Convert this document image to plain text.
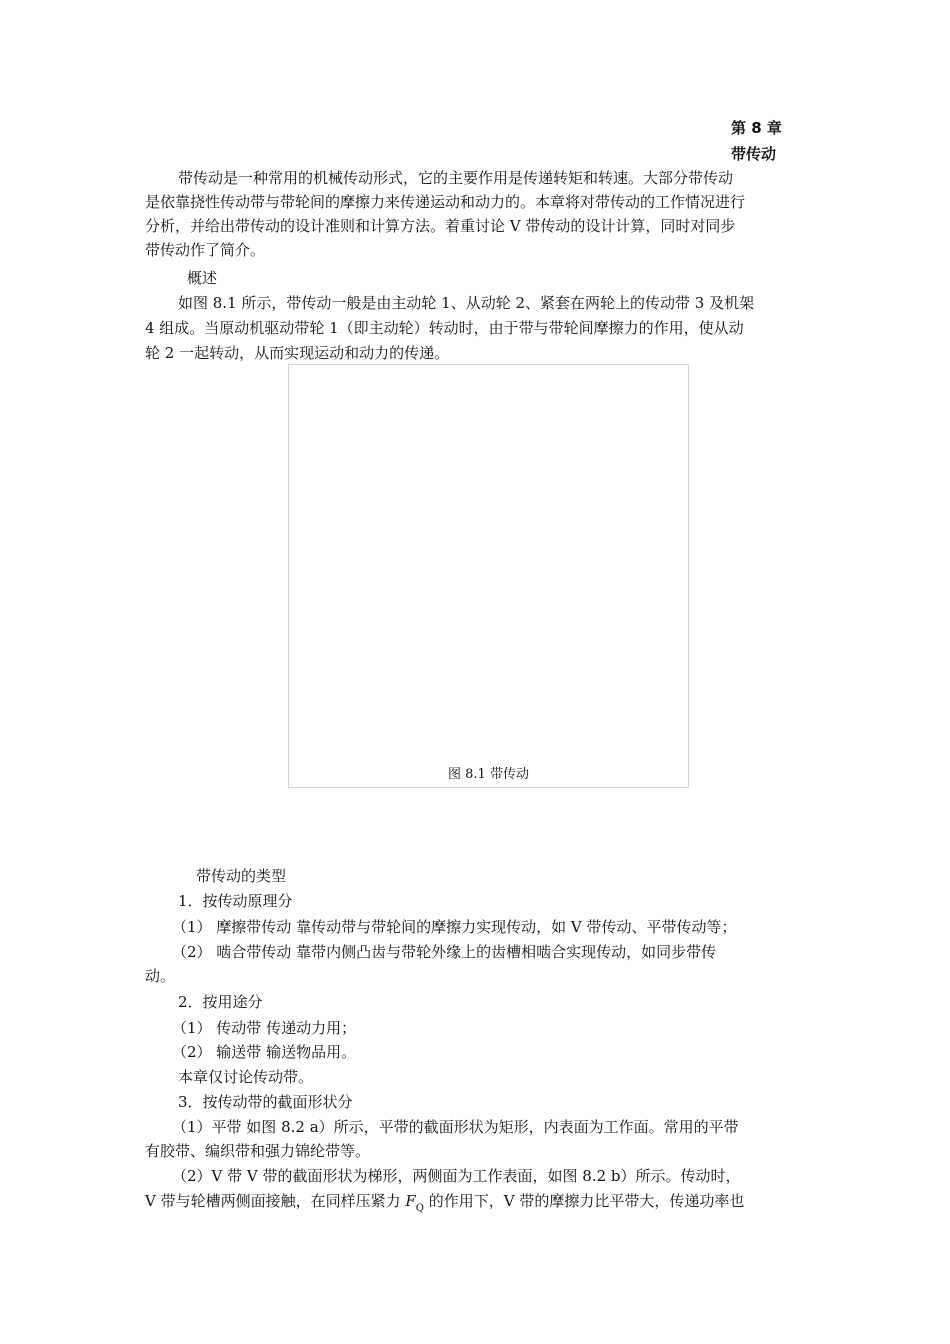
第 8 章
带传动
带传动是一种常用的机械传动形式，它的主要作用是传递转矩和转速。大部分带传动
是依靠挠性传动带与带轮间的摩擦力来传递运动和动力的。本章将对带传动的工作情况进行
分析，并给出带传动的设计准则和计算方法。着重讨论 V 带传动的设计计算，同时对同步
带传动作了简介。
概述
如图 8.1 所示，带传动一般是由主动轮 1、从动轮 2、紧套在两轮上的传动带 3 及机架
4 组成。当原动机驱动带轮 1（即主动轮）转动时，由于带与带轮间摩擦力的作用，使从动
轮 2 一起转动，从而实现运动和动力的传递。
图 8.1 带传动
带传动的类型
1．按传动原理分
（1） 摩擦带传动 靠传动带与带轮间的摩擦力实现传动，如 V 带传动、平带传动等；
（2） 啮合带传动 靠带内侧凸齿与带轮外缘上的齿槽相啮合实现传动，如同步带传
动。
2．按用途分
（1） 传动带 传递动力用；
（2） 输送带 输送物品用。
本章仅讨论传动带。
3．按传动带的截面形状分
（1）平带 如图 8.2 a）所示，平带的截面形状为矩形，内表面为工作面。常用的平带
有胶带、编织带和强力锦纶带等。
（2）V 带 V 带的截面形状为梯形，两侧面为工作表面，如图 8.2 b）所示。传动时，
V 带与轮槽两侧面接触，在同样压紧力 $F_Q$ 的作用下，V 带的摩擦力比平带大，传递功率也
